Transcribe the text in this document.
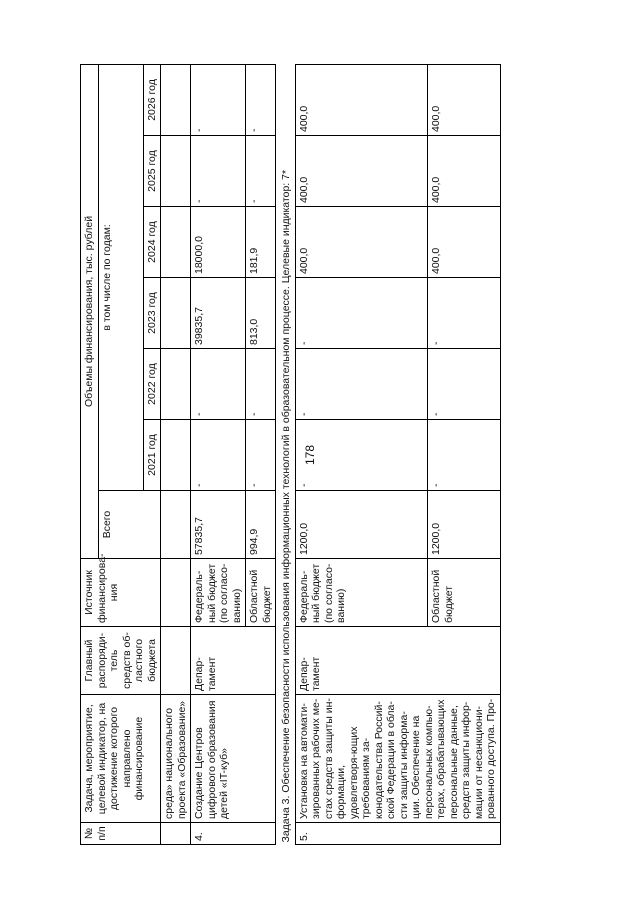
178
№ п/п	Задача, мероприятие, целевой индикатор, на достижение которого направлено финансирование	Главный распоряди-тель средств об-ластного бюджета	Источник финансирова-ния	Объемы финансирования, тыс. рублей						
				Всего	в том числе по годам:					
					2021 год	2022 год	2023 год	2024 год	2025 год	2026 год
	среда» национального проекта «Образование»									
4.	Создание Центров цифрового образования детей «IT-куб»	Депар-тамент	Федераль-ный бюджет (по согласо-ванию)	57835,7	-	-	39835,7	18000,0	-	-
			Областной бюджет	994,9	-	-	813,0	181,9	-	-
Задача 3. Обеспечение безопасности использования информационных технологий в образовательном процессе. Целевые индикатор: 7*										
5.	Установка на автомати-зированных рабочих ме-стах средств защиты ин-формации, удовлетворя-ющих требованиям за-конодательства Россий-ской Федерации в обла-сти защиты информа-ции. Обеспечение на персональных компью-терах, обрабатывающих персональные данные, средств защиты инфор-мации от несанкциони-рованного доступа. Про-	Депар-тамент	Федераль-ный бюджет (по согласо-ванию)	1200,0	-	-	-	400,0	400,0	400,0
			Областной бюджет	1200,0	-	-	-	400,0	400,0	400,0
